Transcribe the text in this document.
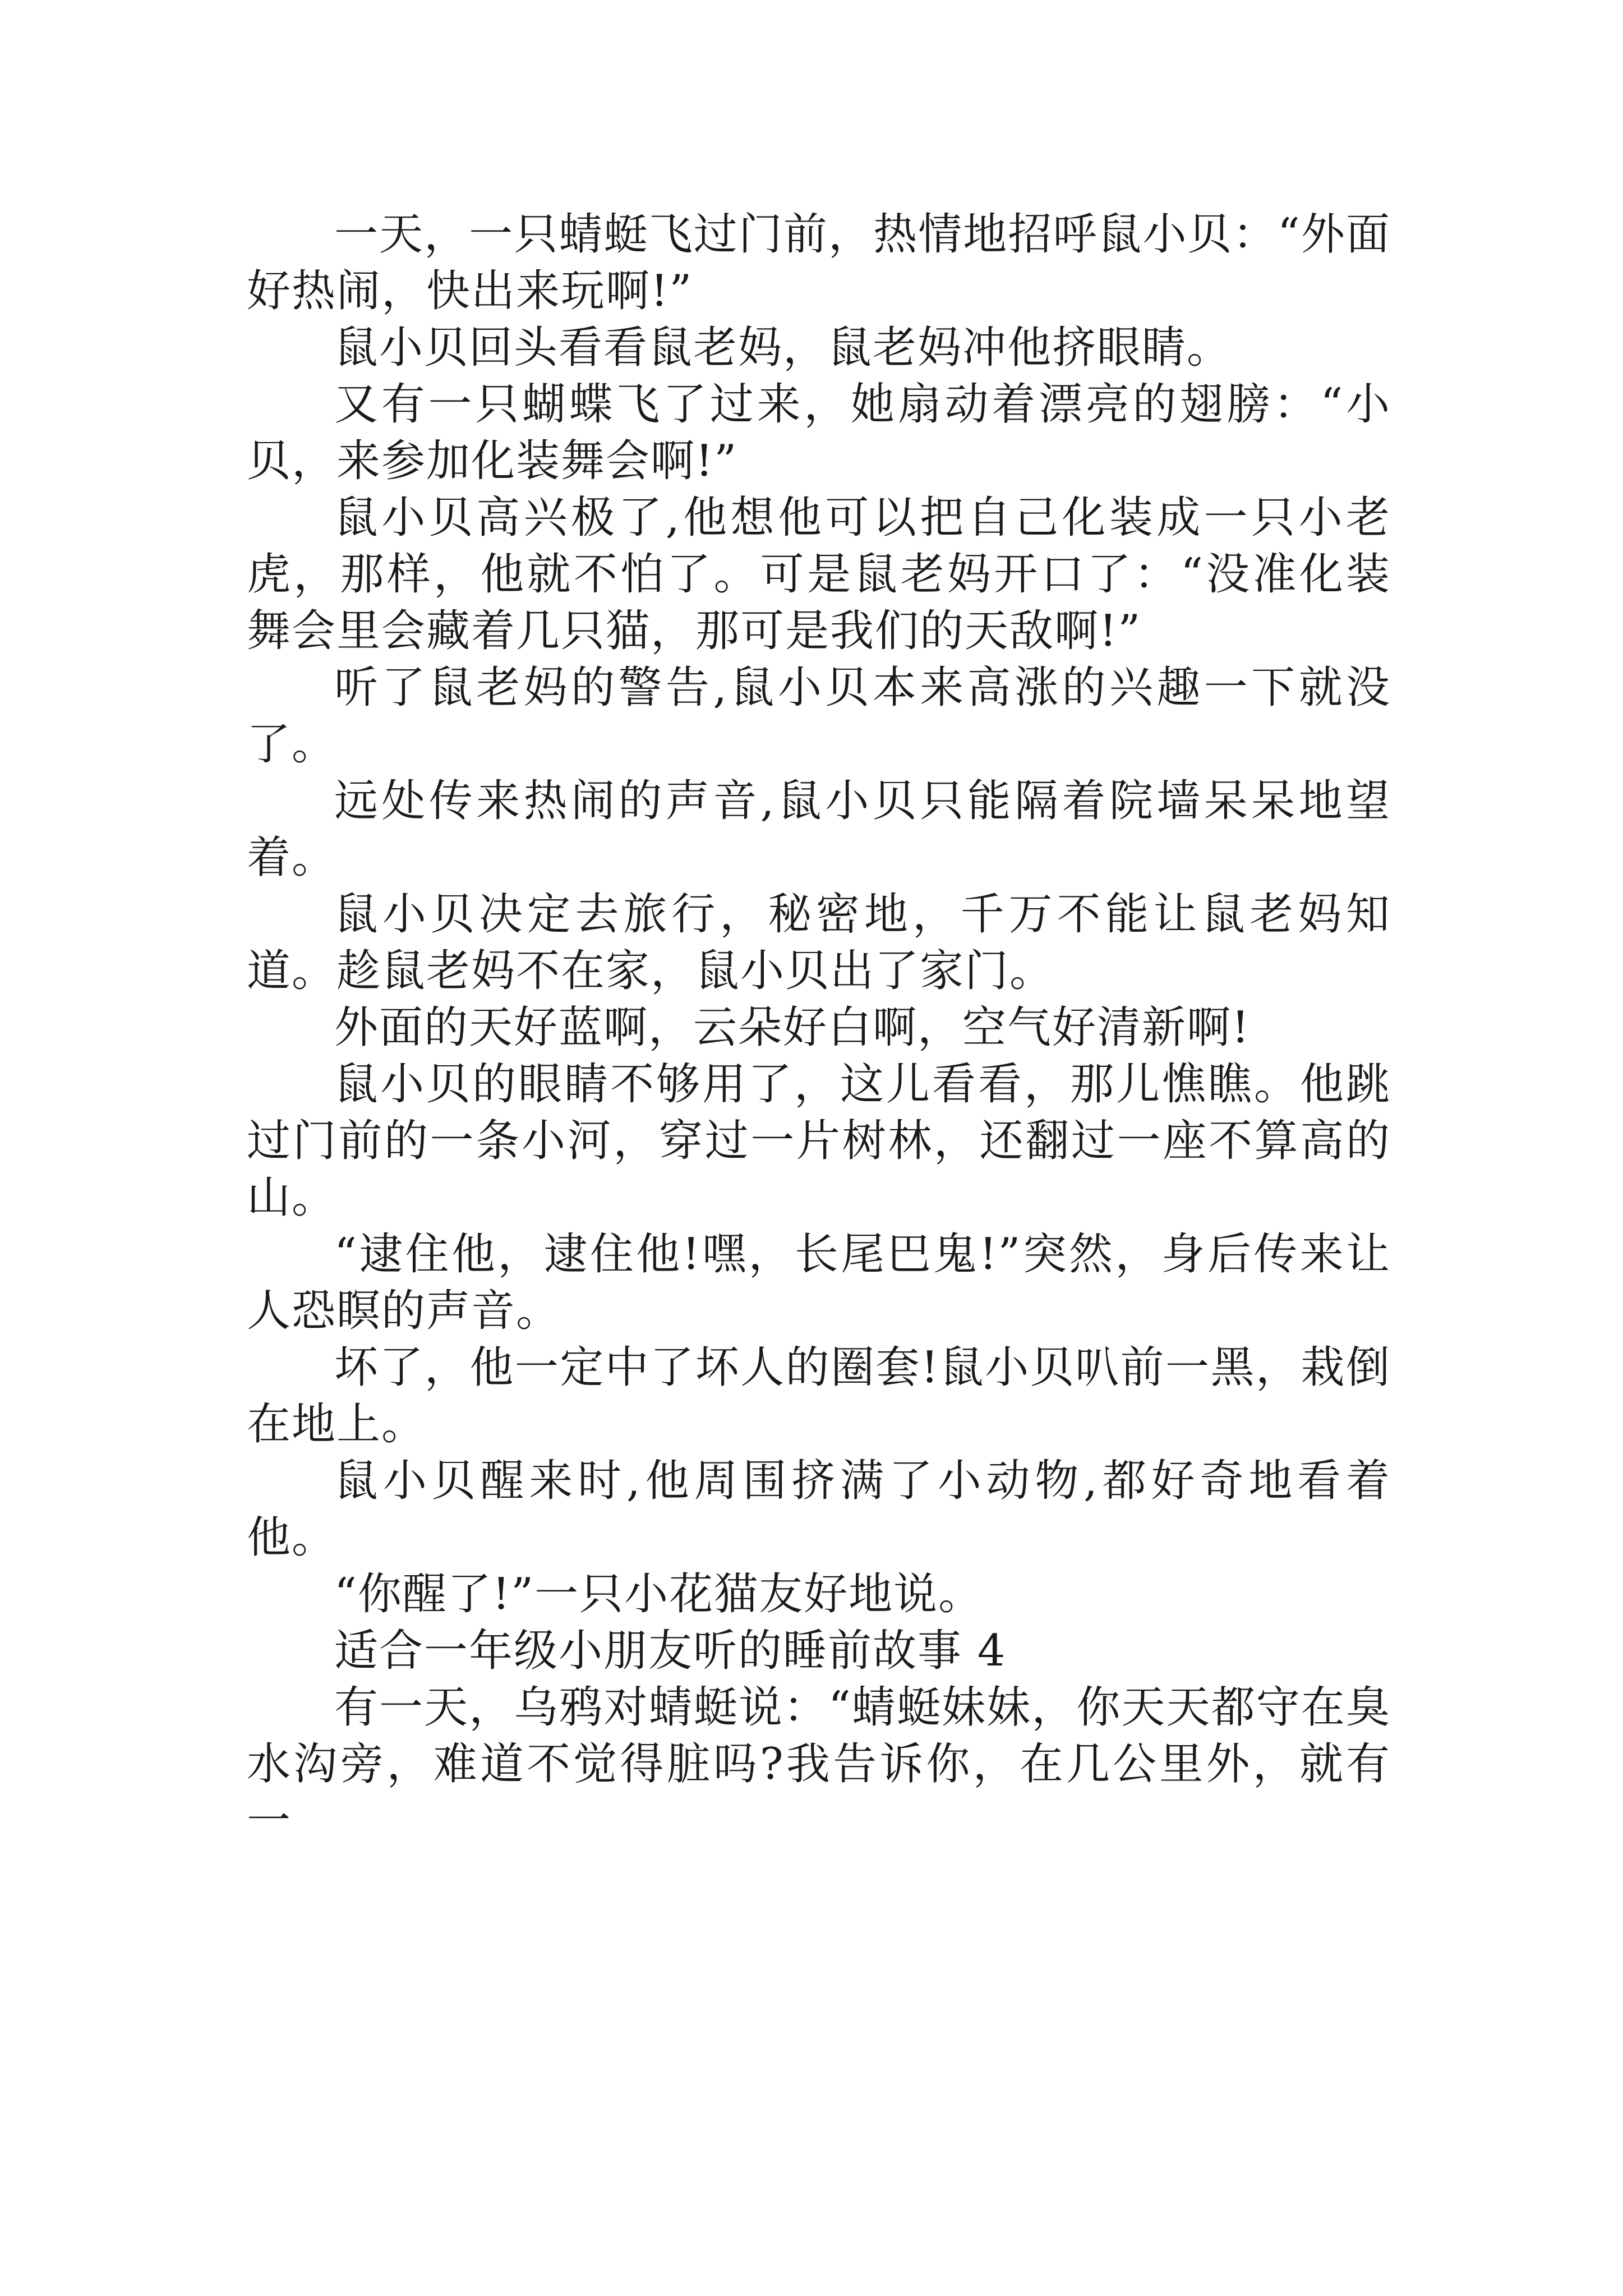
一天，一只蜻蜓飞过门前，热情地招呼鼠小贝：“外面好热闹，快出来玩啊!”

鼠小贝回头看看鼠老妈，鼠老妈冲他挤眼睛。

又有一只蝴蝶飞了过来，她扇动着漂亮的翅膀：“小贝，来参加化装舞会啊!”

鼠小贝高兴极了,他想他可以把自己化装成一只小老虎，那样，他就不怕了。可是鼠老妈开口了：“没准化装舞会里会藏着几只猫，那可是我们的天敌啊!”

听了鼠老妈的警告,鼠小贝本来高涨的兴趣一下就没了。

远处传来热闹的声音,鼠小贝只能隔着院墙呆呆地望着。

鼠小贝决定去旅行，秘密地，千万不能让鼠老妈知道。趁鼠老妈不在家，鼠小贝出了家门。

外面的天好蓝啊，云朵好白啊，空气好清新啊!

鼠小贝的眼睛不够用了，这儿看看，那儿憔瞧。他跳过门前的一条小河，穿过一片树林，还翻过一座不算高的山。

“逮住他，逮住他!嘿，长尾巴鬼!”突然，身后传来让人恐瞑的声音。

坏了，他一定中了坏人的圈套!鼠小贝叭前一黑，栽倒在地上。

鼠小贝醒来时,他周围挤满了小动物,都好奇地看着他。

“你醒了!”一只小花猫友好地说。

适合一年级小朋友听的睡前故事 4

有一天，乌鸦对蜻蜓说：“蜻蜓妹妹，你天天都守在臭水沟旁，难道不觉得脏吗?我告诉你，在几公里外，就有一
